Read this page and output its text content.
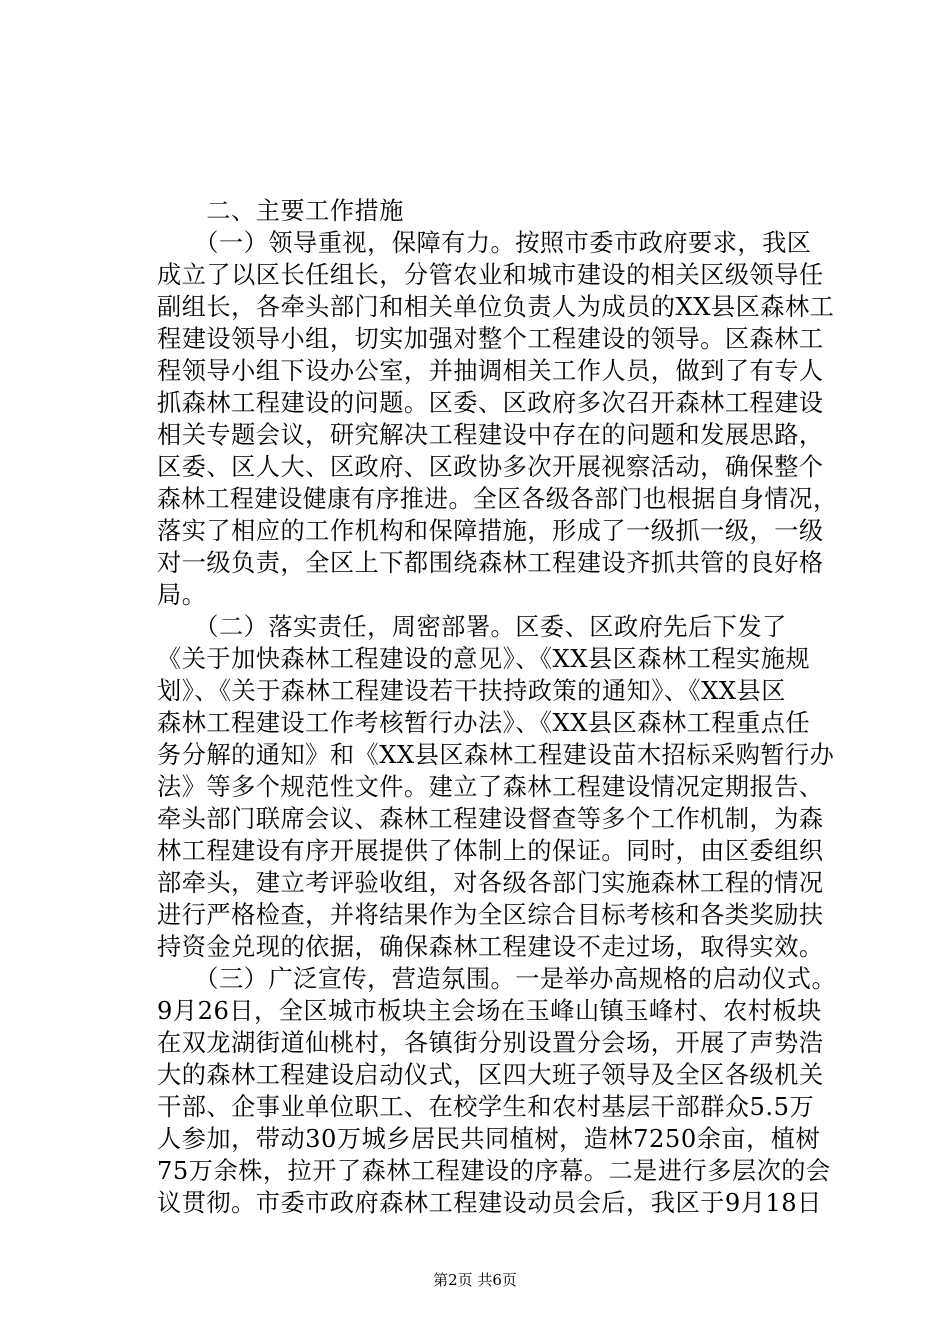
　　二、主要工作措施
　　（一）领导重视，保障有力。按照市委市政府要求，我区
成立了以区长任组长，分管农业和城市建设的相关区级领导任
副组长，各牵头部门和相关单位负责人为成员的XX县区森林工
程建设领导小组，切实加强对整个工程建设的领导。区森林工
程领导小组下设办公室，并抽调相关工作人员，做到了有专人
抓森林工程建设的问题。区委、区政府多次召开森林工程建设
相关专题会议，研究解决工程建设中存在的问题和发展思路，
区委、区人大、区政府、区政协多次开展视察活动，确保整个
森林工程建设健康有序推进。全区各级各部门也根据自身情况，
落实了相应的工作机构和保障措施，形成了一级抓一级，一级
对一级负责，全区上下都围绕森林工程建设齐抓共管的良好格
局。
　　（二）落实责任，周密部署。区委、区政府先后下发了
《关于加快森林工程建设的意见》、《XX县区森林工程实施规
划》、《关于森林工程建设若干扶持政策的通知》、《XX县区
森林工程建设工作考核暂行办法》、《XX县区森林工程重点任
务分解的通知》和《XX县区森林工程建设苗木招标采购暂行办
法》等多个规范性文件。建立了森林工程建设情况定期报告、
牵头部门联席会议、森林工程建设督查等多个工作机制，为森
林工程建设有序开展提供了体制上的保证。同时，由区委组织
部牵头，建立考评验收组，对各级各部门实施森林工程的情况
进行严格检查，并将结果作为全区综合目标考核和各类奖励扶
持资金兑现的依据，确保森林工程建设不走过场，取得实效。
　　（三）广泛宣传，营造氛围。一是举办高规格的启动仪式。
9月26日，全区城市板块主会场在玉峰山镇玉峰村、农村板块
在双龙湖街道仙桃村，各镇街分别设置分会场，开展了声势浩
大的森林工程建设启动仪式，区四大班子领导及全区各级机关
干部、企事业单位职工、在校学生和农村基层干部群众5.5万
人参加，带动30万城乡居民共同植树，造林7250余亩，植树
75万余株，拉开了森林工程建设的序幕。二是进行多层次的会
议贯彻。市委市政府森林工程建设动员会后，我区于9月18日
第2页 共6页
